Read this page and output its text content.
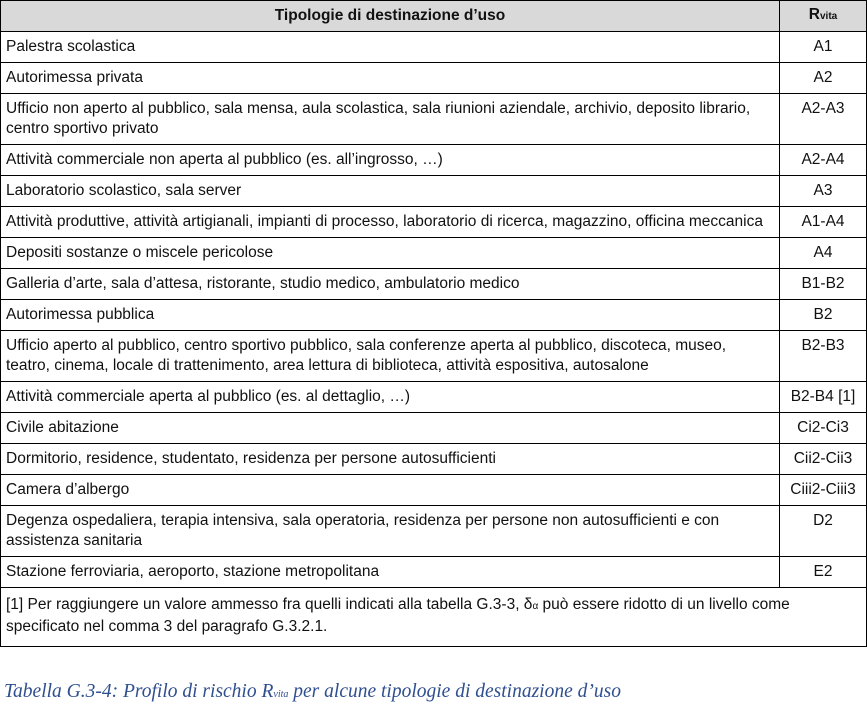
Tipologie di destinazione d’uso	Rvita
Palestra scolastica	A1
Autorimessa privata	A2
Ufficio non aperto al pubblico, sala mensa, aula scolastica, sala riunioni aziendale, archivio, deposito librario, centro sportivo privato	A2-A3
Attività commerciale non aperta al pubblico (es. all’ingrosso, …)	A2-A4
Laboratorio scolastico, sala server	A3
Attività produttive, attività artigianali, impianti di processo, laboratorio di ricerca, magazzino, officina meccanica	A1-A4
Depositi sostanze o miscele pericolose	A4
Galleria d’arte, sala d’attesa, ristorante, studio medico, ambulatorio medico	B1-B2
Autorimessa pubblica	B2
Ufficio aperto al pubblico, centro sportivo pubblico, sala conferenze aperta al pubblico, discoteca, museo, teatro, cinema, locale di trattenimento, area lettura di biblioteca, attività espositiva, autosalone	B2-B3
Attività commerciale aperta al pubblico (es. al dettaglio, …)	B2-B4 [1]
Civile abitazione	Ci2-Ci3
Dormitorio, residence, studentato, residenza per persone autosufficienti	Cii2-Cii3
Camera d’albergo	Ciii2-Ciii3
Degenza ospedaliera, terapia intensiva, sala operatoria, residenza per persone non autosufficienti e con assistenza sanitaria	D2
Stazione ferroviaria, aeroporto, stazione metropolitana	E2
[1] Per raggiungere un valore ammesso fra quelli indicati alla tabella G.3-3, δα può essere ridotto di un livello come specificato nel comma 3 del paragrafo G.3.2.1.	
Tabella G.3-4: Profilo di rischio Rvita per alcune tipologie di destinazione d’uso
